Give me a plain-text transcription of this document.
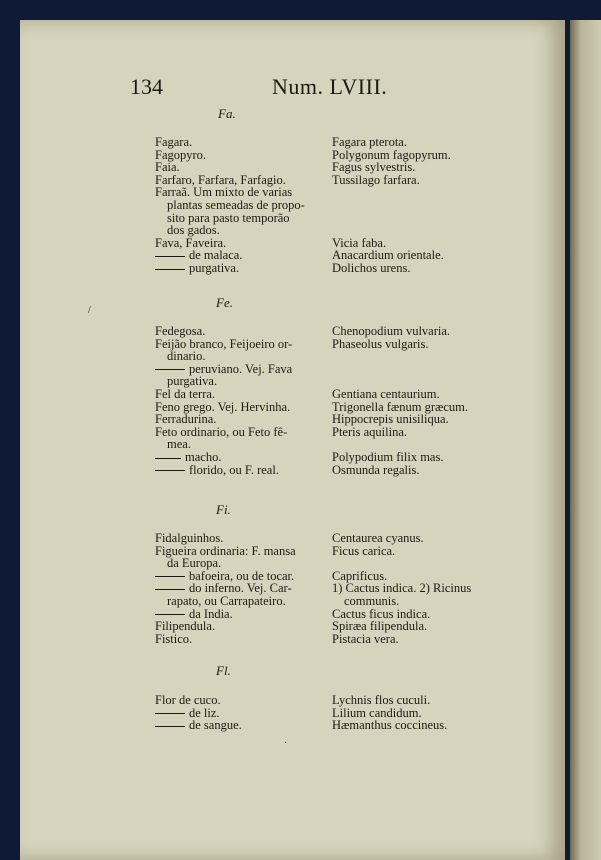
134	Num. LVIII.
Fa.
Fagara.
Fagopyro.
Faia.
Farfaro, Farfara, Farfagio.
Farraã. Um mixto de varias
plantas semeadas de propo-
sito para pasto temporão
dos gados.
Fava, Faveira.
de malaca.
purgativa.
Fagara pterota.
Polygonum fagopyrum.
Fagus sylvestris.
Tussilago farfara.
Vicia faba.
Anacardium orientale.
Dolichos urens.
Fe.
Fedegosa.
Feijão branco, Feijoeiro or-
dinario.
peruviano. Vej. Fava
purgativa.
Fel da terra.
Feno grego. Vej. Hervinha.
Ferradurina.
Feto ordinario, ou Feto fê-
mea.
macho.
florido, ou F. real.
Chenopodium vulvaria.
Phaseolus vulgaris.
Gentiana centaurium.
Trigonella fænum græcum.
Hippocrepis unisiliqua.
Pteris aquilina.
Polypodium filix mas.
Osmunda regalis.
Fi.
Fidalguinhos.
Figueira ordinaria: F. mansa
da Europa.
bafoeira, ou de tocar.
do inferno. Vej. Car-
rapato, ou Carrapateiro.
da India.
Filipendula.
Fistico.
Centaurea cyanus.
Ficus carica.
Caprificus.
1) Cactus indica. 2) Ricinus
communis.
Cactus ficus indica.
Spiræa filipendula.
Pistacia vera.
Fl.
Flor de cuco.
de liz.
de sangue.
Lychnis flos cuculi.
Lilium candidum.
Hæmanthus coccineus.
/
·
